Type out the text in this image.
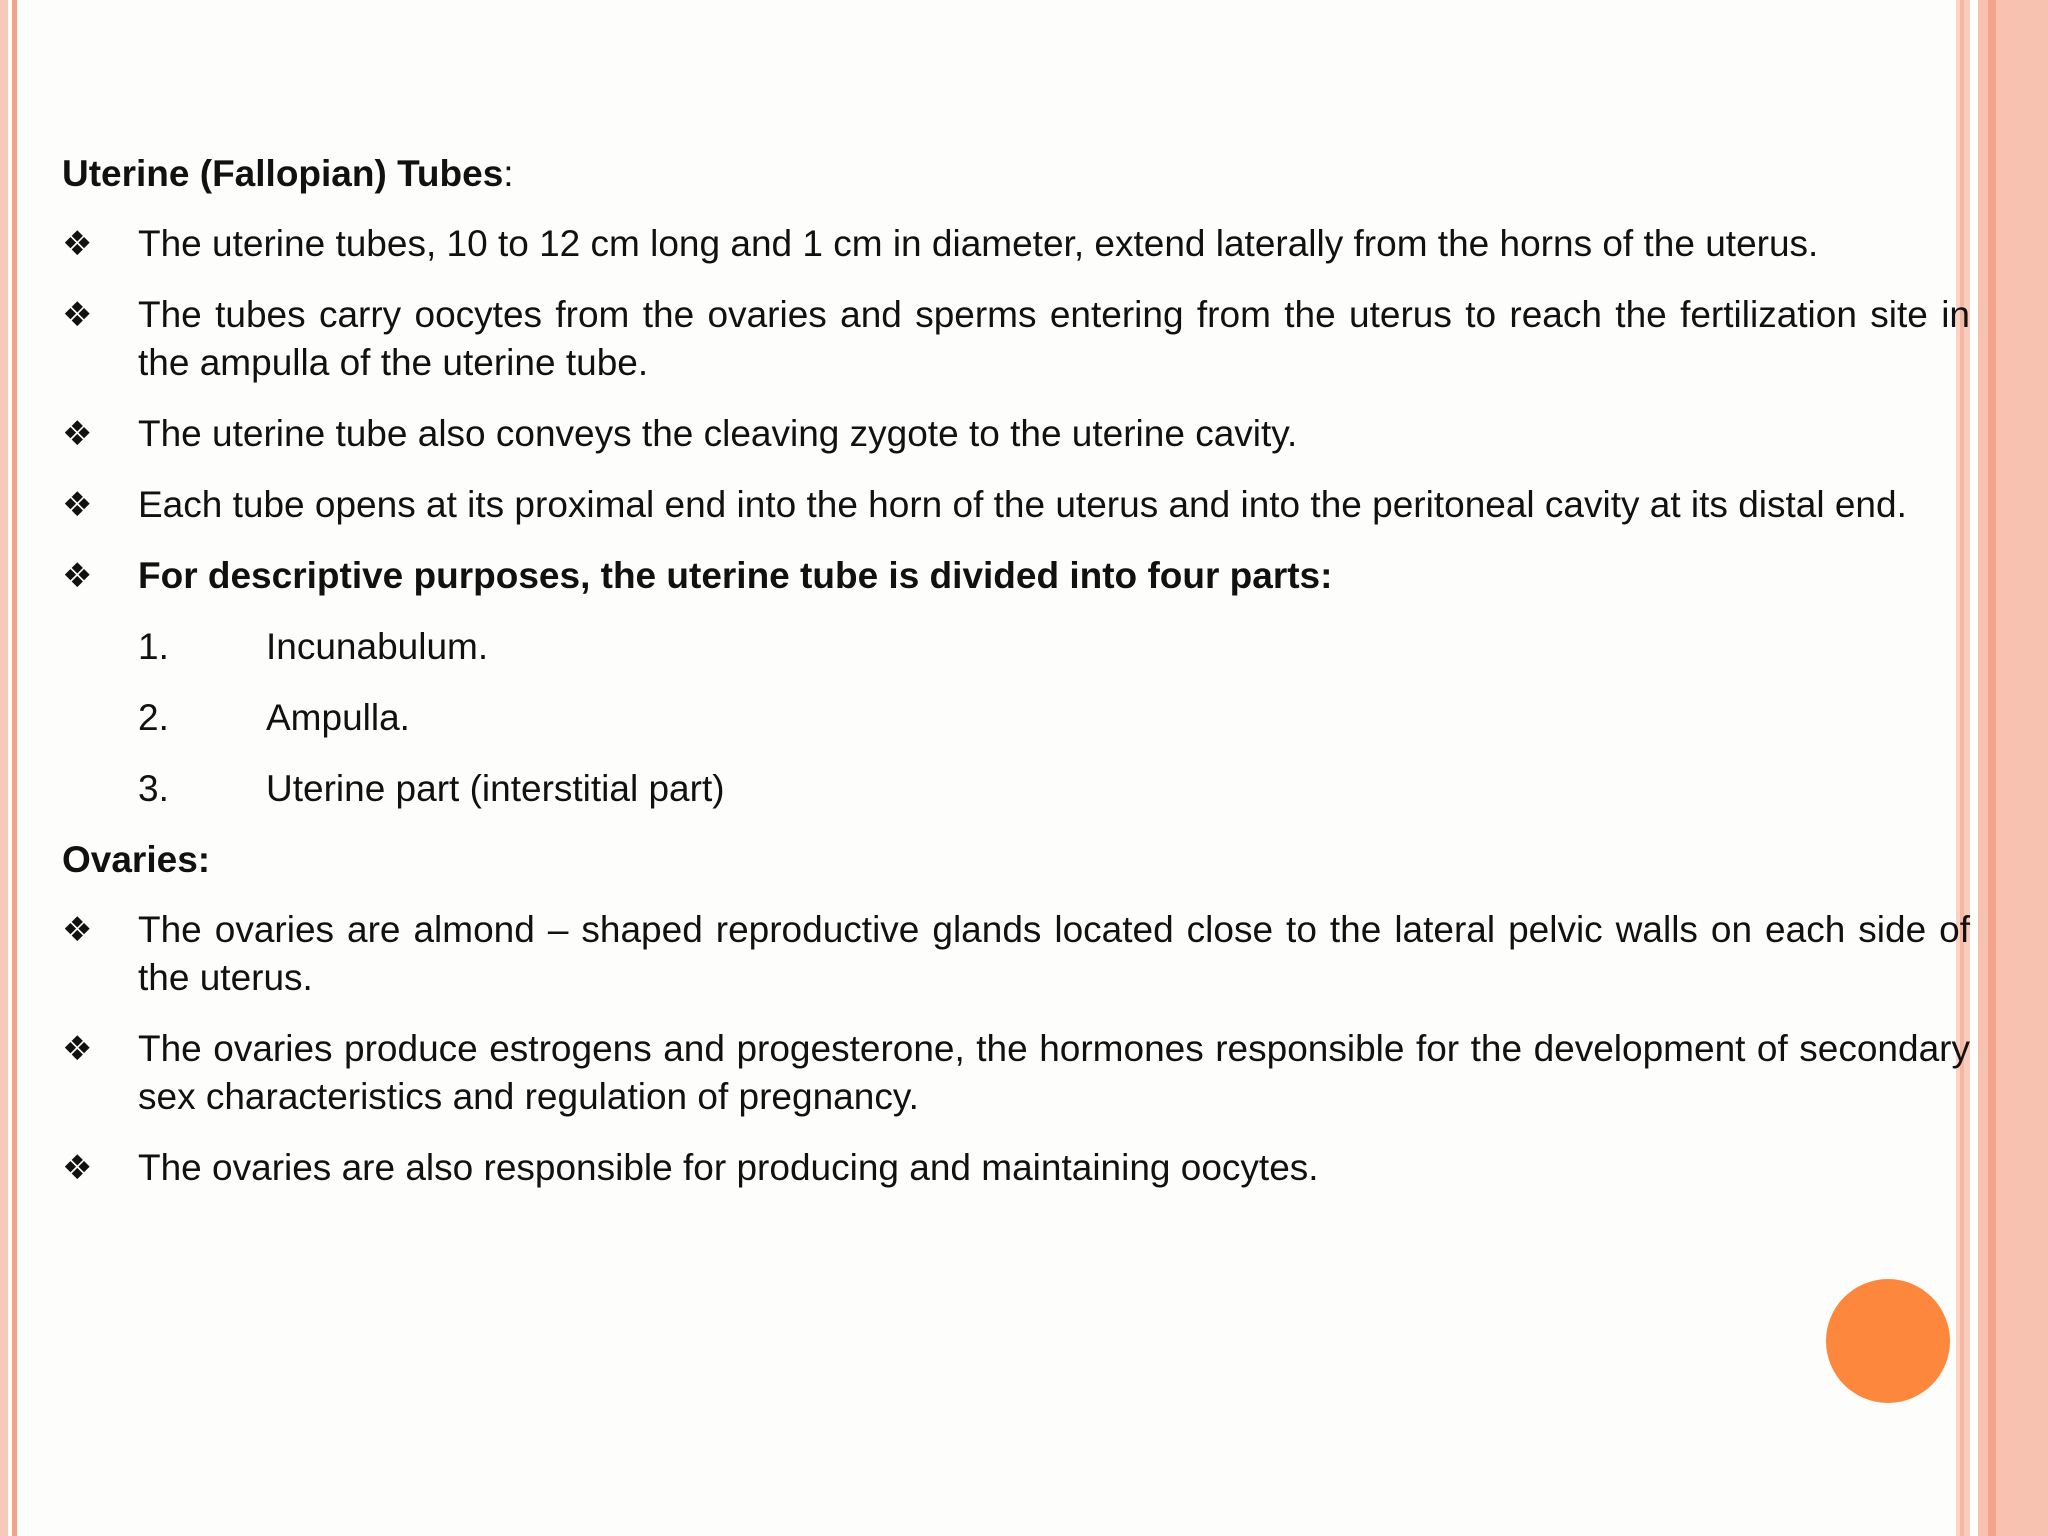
Uterine (Fallopian) Tubes:
❖ The uterine tubes, 10 to 12 cm long and 1 cm in diameter, extend laterally from the horns of the uterus.
❖ The tubes carry oocytes from the ovaries and sperms entering from the uterus to reach the fertilization site in the ampulla of the uterine tube.
❖ The uterine tube also conveys the cleaving zygote to the uterine cavity.
❖ Each tube opens at its proximal end into the horn of the uterus and into the peritoneal cavity at its distal end.
❖ For descriptive purposes, the uterine tube is divided into four parts:
1.	Incunabulum.
2.	Ampulla.
3.	Uterine part (interstitial part)
Ovaries:
❖ The ovaries are almond – shaped reproductive glands located close to the lateral pelvic walls on each side of the uterus.
❖ The ovaries produce estrogens and progesterone, the hormones responsible for the development of secondary sex characteristics and regulation of pregnancy.
❖ The ovaries are also responsible for producing and maintaining oocytes.
